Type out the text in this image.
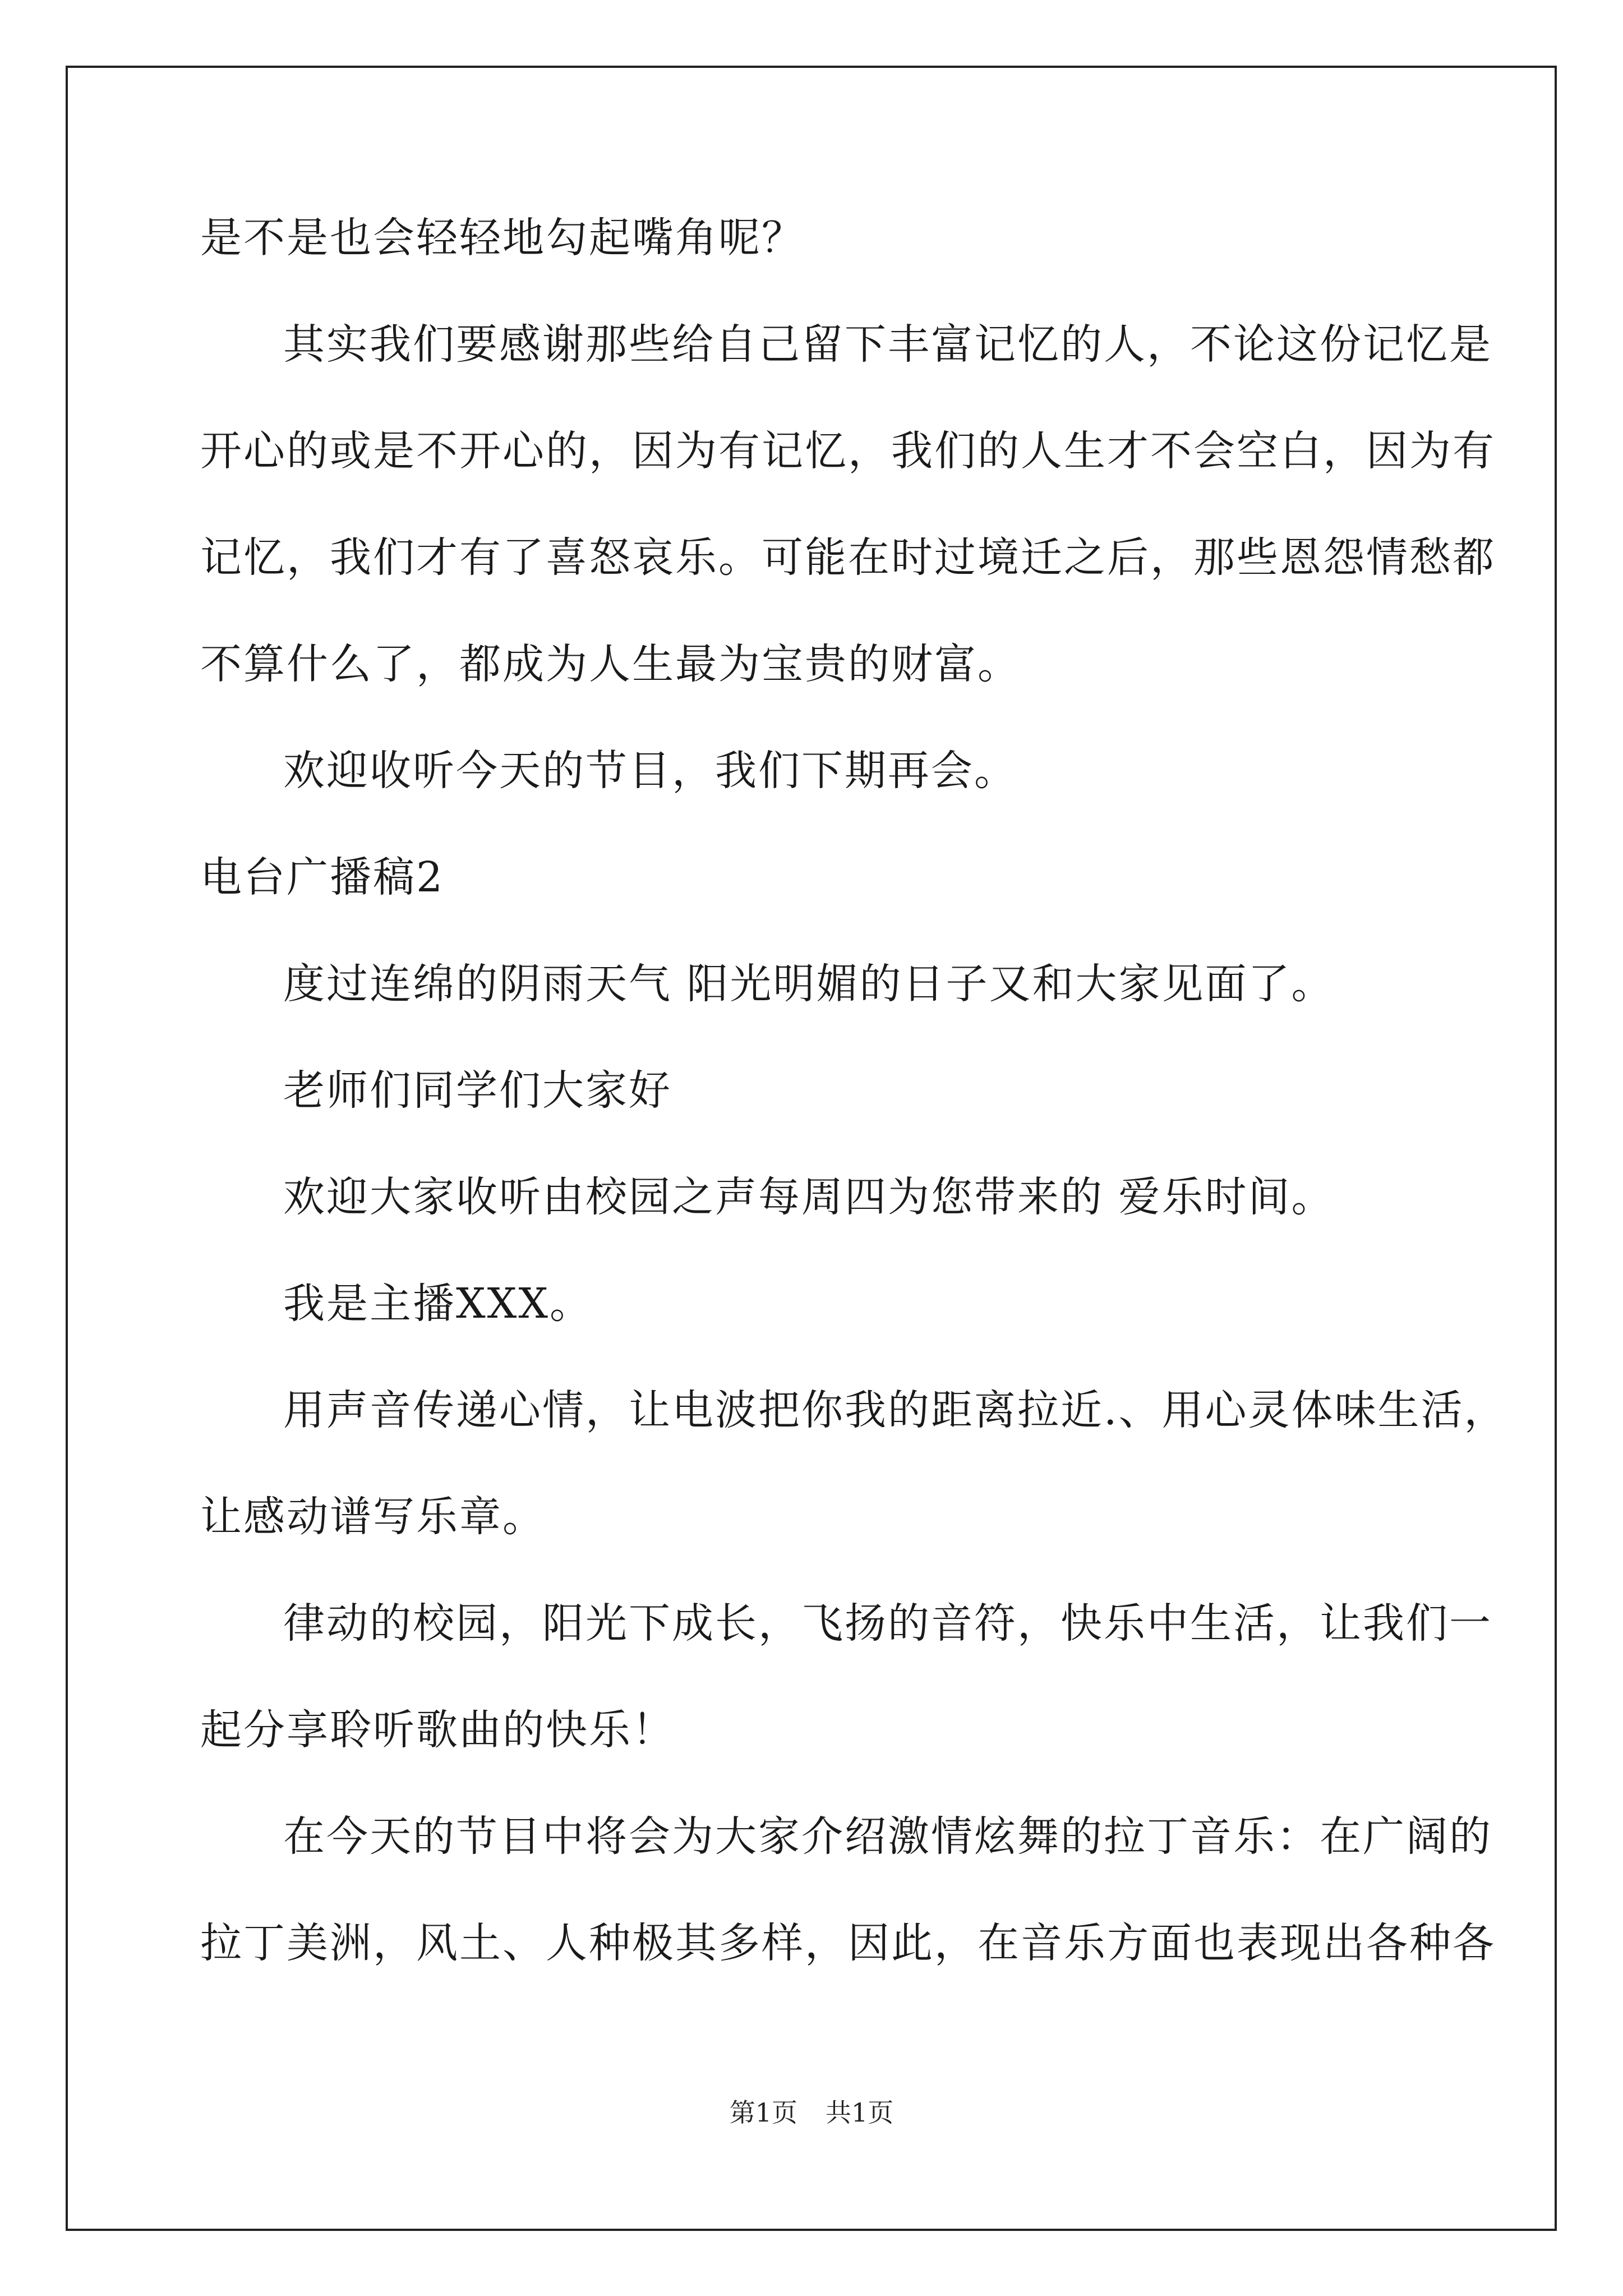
是不是也会轻轻地勾起嘴角呢？
其实我们要感谢那些给自己留下丰富记忆的人，不论这份记忆是
开心的或是不开心的，因为有记忆，我们的人生才不会空白，因为有
记忆，我们才有了喜怒哀乐。可能在时过境迁之后，那些恩怨情愁都
不算什么了，都成为人生最为宝贵的财富。
欢迎收听今天的节目，我们下期再会。
电台广播稿2
度过连绵的阴雨天气 阳光明媚的日子又和大家见面了。
老师们同学们大家好
欢迎大家收听由校园之声每周四为您带来的 爱乐时间。
我是主播XXX。
用声音传递心情，让电波把你我的距离拉近.、用心灵体味生活，
让感动谱写乐章。
律动的校园，阳光下成长，飞扬的音符，快乐中生活，让我们一
起分享聆听歌曲的快乐！
在今天的节目中将会为大家介绍激情炫舞的拉丁音乐：在广阔的
拉丁美洲，风土、人种极其多样，因此，在音乐方面也表现出各种各
第1页 共1页
